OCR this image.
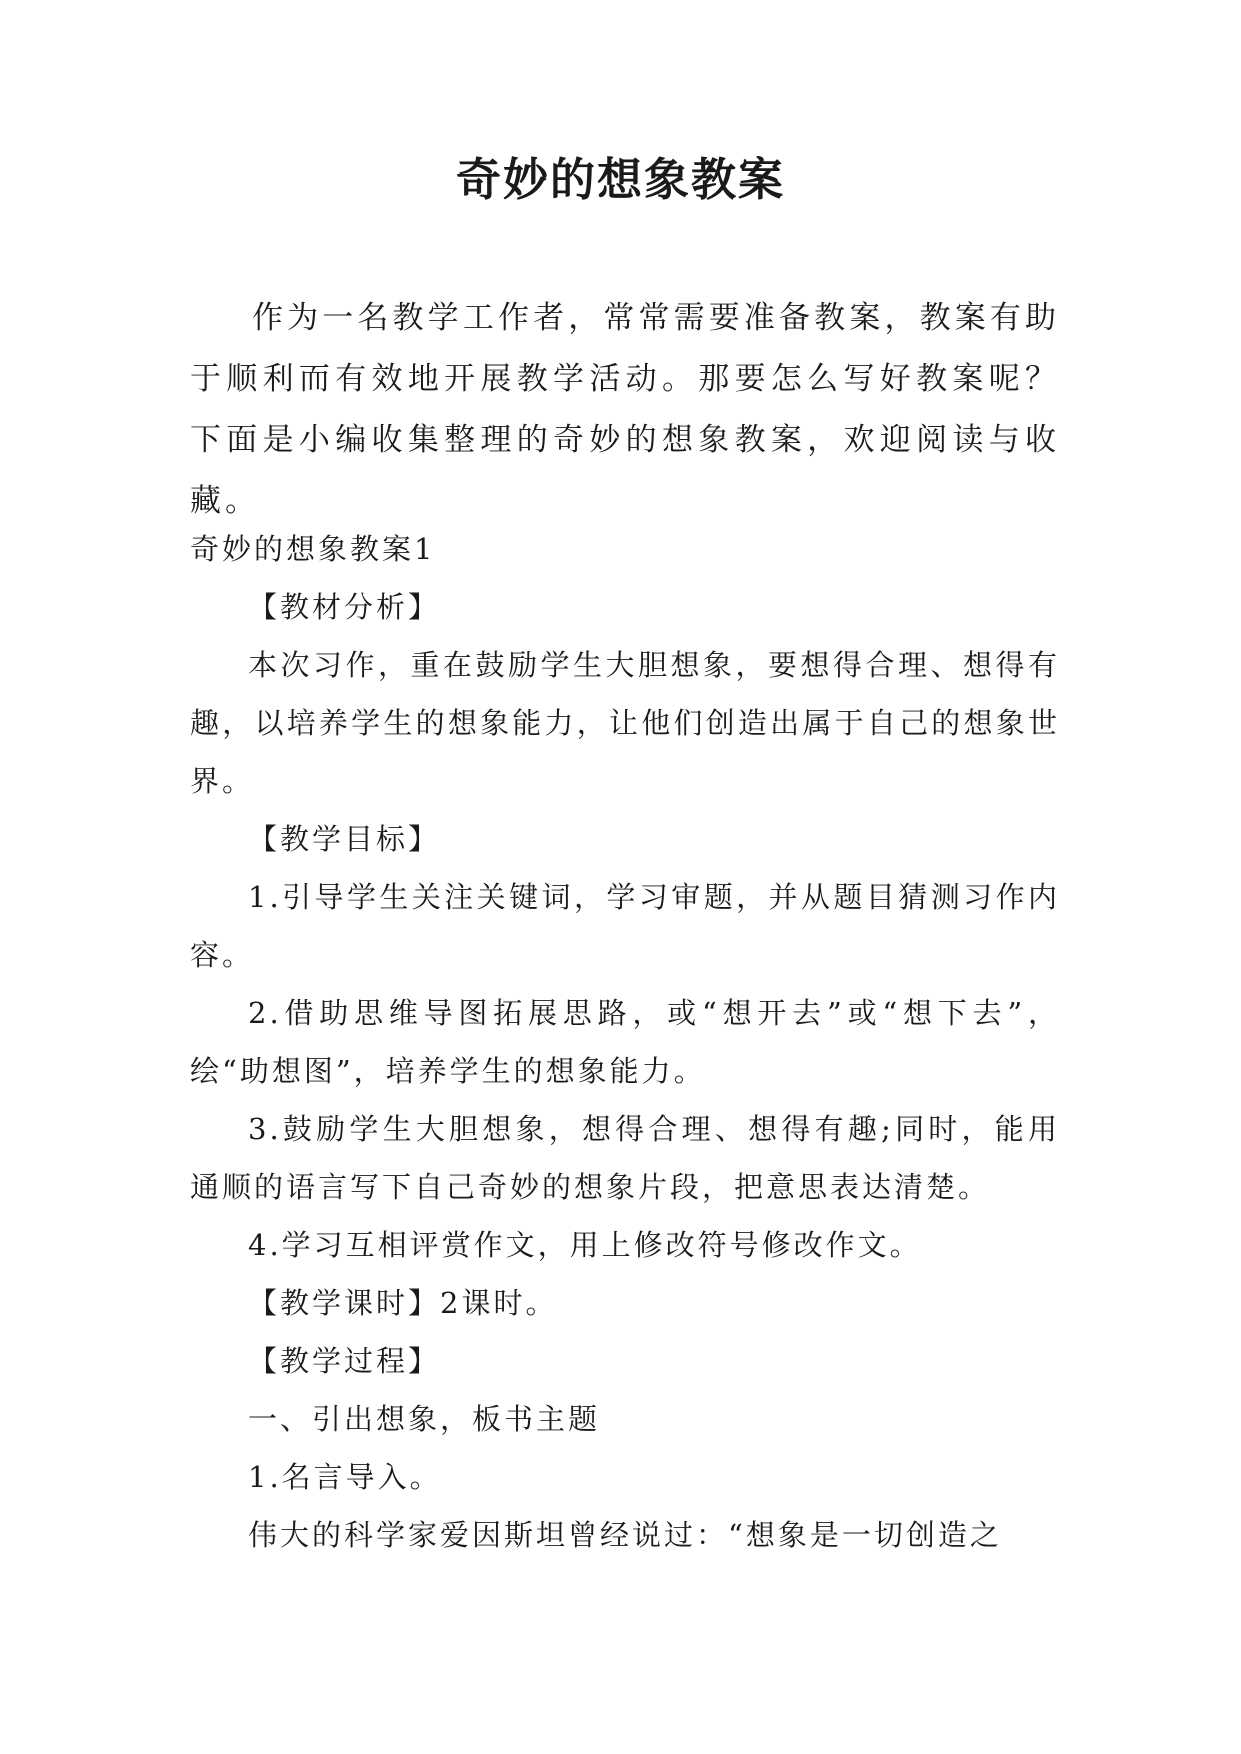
奇妙的想象教案

作为一名教学工作者，常常需要准备教案，教案有助于顺利而有效地开展教学活动。那要怎么写好教案呢？下面是小编收集整理的奇妙的想象教案，欢迎阅读与收藏。

奇妙的想象教案1

【教材分析】

本次习作，重在鼓励学生大胆想象，要想得合理、想得有趣，以培养学生的想象能力，让他们创造出属于自己的想象世界。

【教学目标】

1.引导学生关注关键词，学习审题，并从题目猜测习作内容。

2.借助思维导图拓展思路，或“想开去”或“想下去”，绘“助想图”，培养学生的想象能力。

3.鼓励学生大胆想象，想得合理、想得有趣;同时，能用通顺的语言写下自己奇妙的想象片段，把意思表达清楚。

4.学习互相评赏作文，用上修改符号修改作文。

【教学课时】2课时。

【教学过程】

一、引出想象，板书主题

1.名言导入。

伟大的科学家爱因斯坦曾经说过：“想象是一切创造之
